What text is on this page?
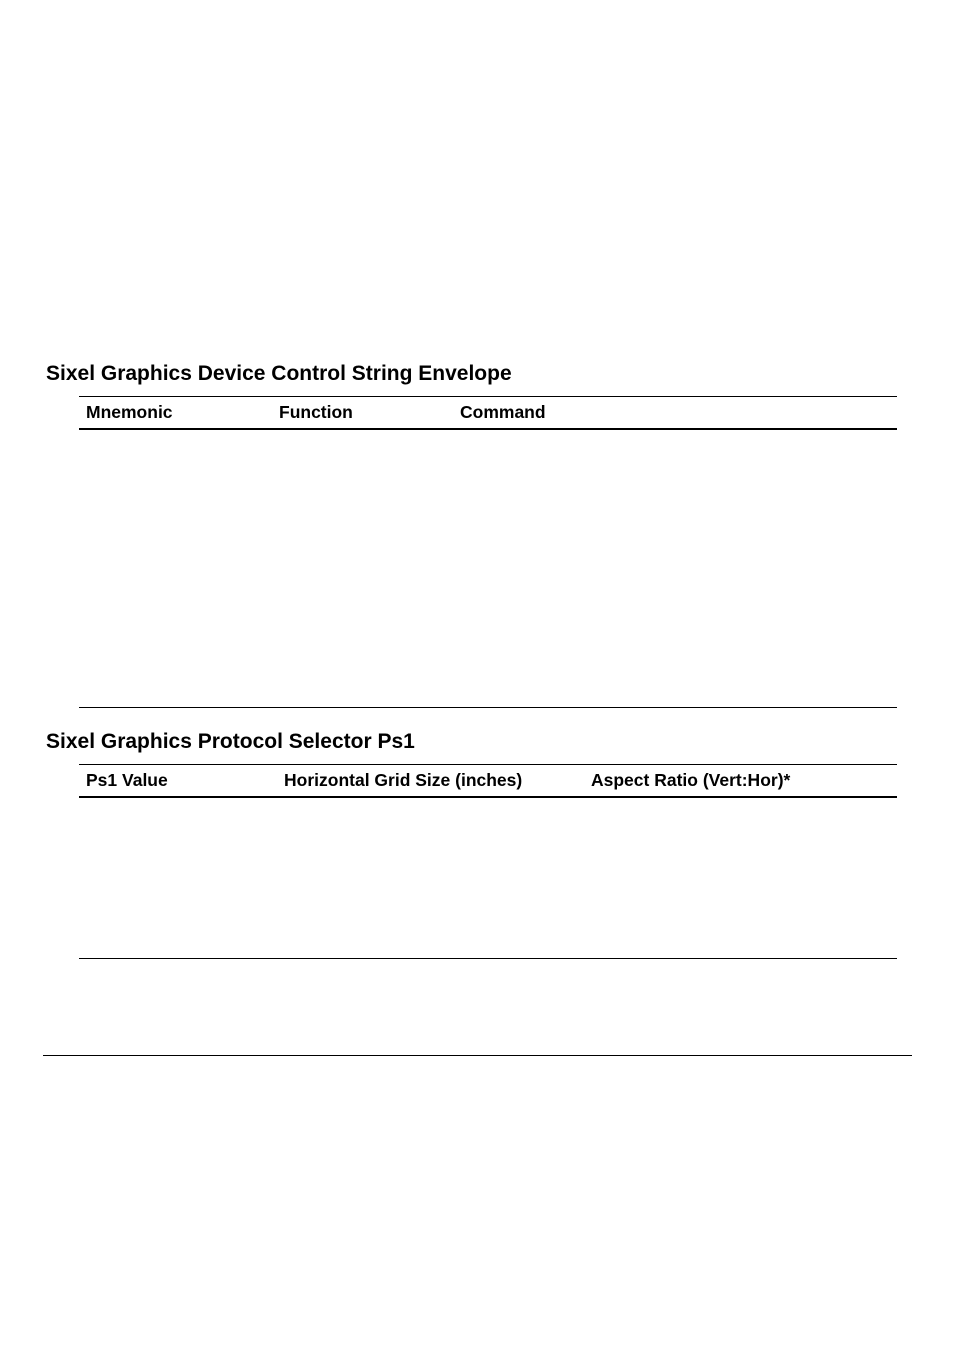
Sixel Graphics Device Control String Envelope
Mnemonic	Function	Command
Sixel Graphics Protocol Selector Ps1
Ps1 Value	Horizontal Grid Size (inches)	Aspect Ratio (Vert:Hor)*
